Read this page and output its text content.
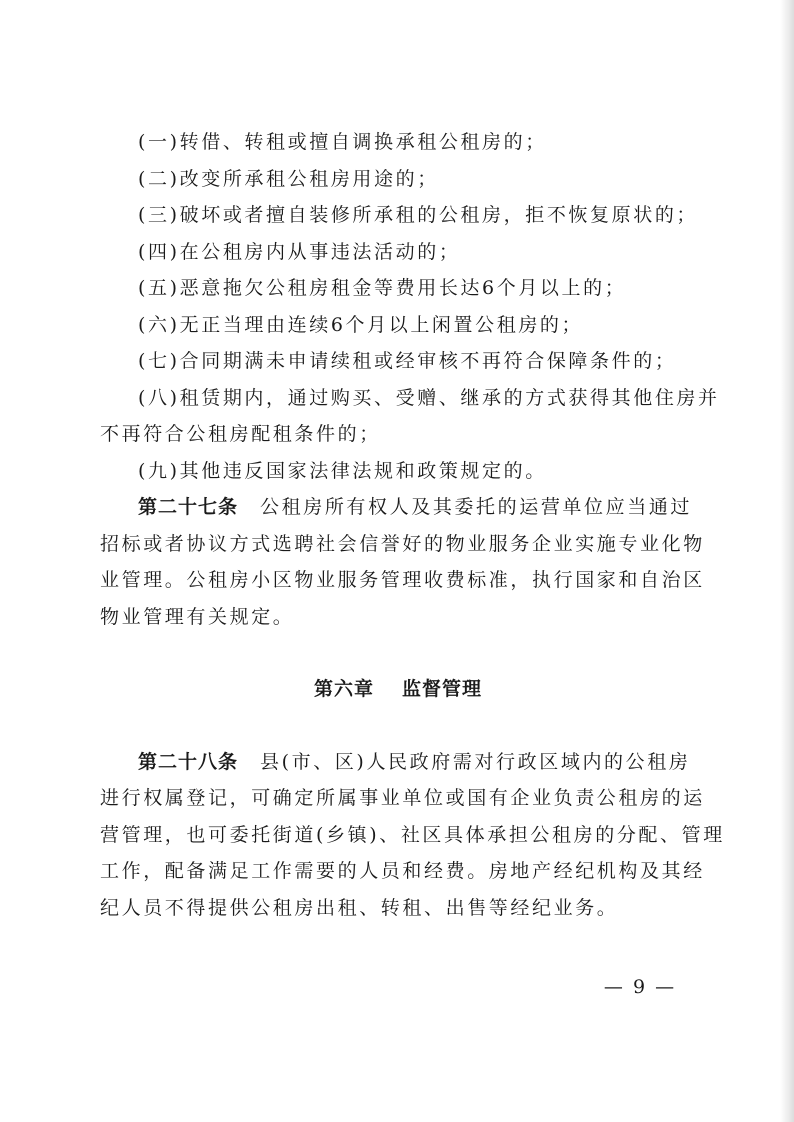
(一)转借、转租或擅自调换承租公租房的；
(二)改变所承租公租房用途的；
(三)破坏或者擅自装修所承租的公租房，拒不恢复原状的；
(四)在公租房内从事违法活动的；
(五)恶意拖欠公租房租金等费用长达6个月以上的；
(六)无正当理由连续6个月以上闲置公租房的；
(七)合同期满未申请续租或经审核不再符合保障条件的；
(八)租赁期内，通过购买、受赠、继承的方式获得其他住房并
不再符合公租房配租条件的；
(九)其他违反国家法律法规和政策规定的。
第二十七条 公租房所有权人及其委托的运营单位应当通过
招标或者协议方式选聘社会信誉好的物业服务企业实施专业化物
业管理。公租房小区物业服务管理收费标准，执行国家和自治区
物业管理有关规定。
第六章 监督管理
第二十八条 县(市、区)人民政府需对行政区域内的公租房
进行权属登记，可确定所属事业单位或国有企业负责公租房的运
营管理，也可委托街道(乡镇)、社区具体承担公租房的分配、管理
工作，配备满足工作需要的人员和经费。房地产经纪机构及其经
纪人员不得提供公租房出租、转租、出售等经纪业务。
— 9 —
